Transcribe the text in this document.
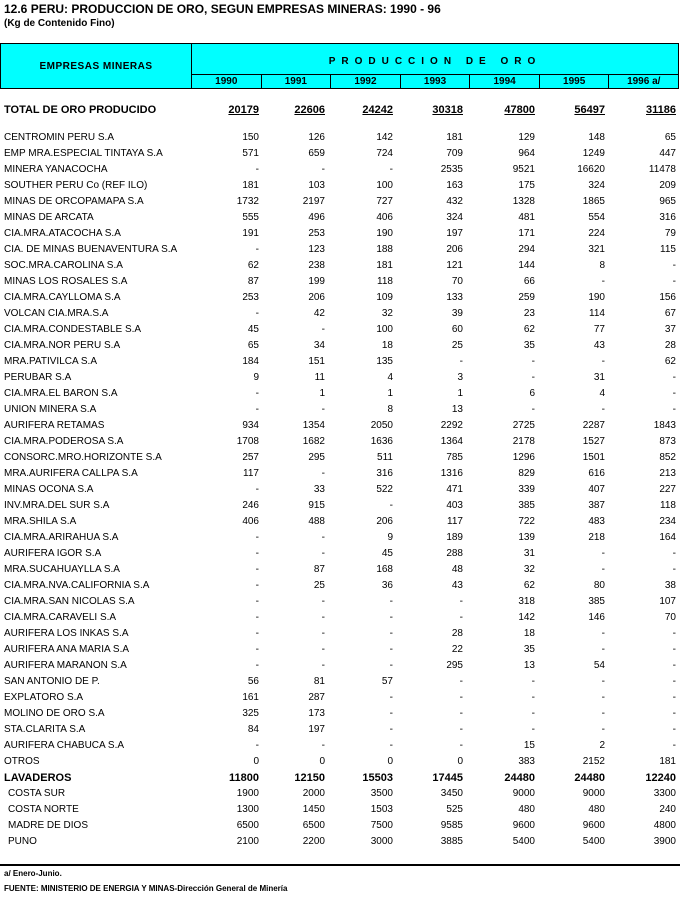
12.6 PERU: PRODUCCION DE ORO, SEGUN EMPRESAS MINERAS: 1990 - 96
(Kg de Contenido Fino)
EMPRESAS MINERAS	PRODUCCION DE ORO
1990	1991	1992	1993	1994	1995	1996 a/
TOTAL DE ORO PRODUCIDO	20179	22606	24242	30318	47800	56497	31186
CENTROMIN PERU S.A	150	126	142	181	129	148	65
EMP MRA.ESPECIAL TINTAYA S.A	571	659	724	709	964	1249	447
MINERA YANACOCHA	-	-	-	2535	9521	16620	11478
SOUTHER PERU Co (REF ILO)	181	103	100	163	175	324	209
MINAS DE ORCOPAMAPA S.A	1732	2197	727	432	1328	1865	965
MINAS DE ARCATA	555	496	406	324	481	554	316
CIA.MRA.ATACOCHA S.A	191	253	190	197	171	224	79
CIA. DE MINAS BUENAVENTURA S.A	-	123	188	206	294	321	115
SOC.MRA.CAROLINA S.A	62	238	181	121	144	8	-
MINAS LOS ROSALES S.A	87	199	118	70	66	-	-
CIA.MRA.CAYLLOMA S.A	253	206	109	133	259	190	156
VOLCAN CIA.MRA.S.A	-	42	32	39	23	114	67
CIA.MRA.CONDESTABLE S.A	45	-	100	60	62	77	37
CIA.MRA.NOR PERU S.A	65	34	18	25	35	43	28
MRA.PATIVILCA S.A	184	151	135	-	-	-	62
PERUBAR S.A	9	11	4	3	-	31	-
CIA.MRA.EL BARON S.A	-	1	1	1	6	4	-
UNION MINERA S.A	-	-	8	13	-	-	-
AURIFERA RETAMAS	934	1354	2050	2292	2725	2287	1843
CIA.MRA.PODEROSA S.A	1708	1682	1636	1364	2178	1527	873
CONSORC.MRO.HORIZONTE S.A	257	295	511	785	1296	1501	852
MRA.AURIFERA CALLPA S.A	117	-	316	1316	829	616	213
MINAS OCONA S.A	-	33	522	471	339	407	227
INV.MRA.DEL SUR S.A	246	915	-	403	385	387	118
MRA.SHILA S.A	406	488	206	117	722	483	234
CIA.MRA.ARIRAHUA S.A	-	-	9	189	139	218	164
AURIFERA IGOR S.A	-	-	45	288	31	-	-
MRA.SUCAHUAYLLA S.A	-	87	168	48	32	-	-
CIA.MRA.NVA.CALIFORNIA S.A	-	25	36	43	62	80	38
CIA.MRA.SAN NICOLAS S.A	-	-	-	-	318	385	107
CIA.MRA.CARAVELI S.A	-	-	-	-	142	146	70
AURIFERA LOS INKAS S.A	-	-	-	28	18	-	-
AURIFERA ANA MARIA S.A	-	-	-	22	35	-	-
AURIFERA MARANON S.A	-	-	-	295	13	54	-
SAN ANTONIO DE P.	56	81	57	-	-	-	-
EXPLATORO S.A	161	287	-	-	-	-	-
MOLINO DE ORO S.A	325	173	-	-	-	-	-
STA.CLARITA S.A	84	197	-	-	-	-	-
AURIFERA CHABUCA S.A	-	-	-	-	15	2	-
OTROS	0	0	0	0	383	2152	181
LAVADEROS	11800	12150	15503	17445	24480	24480	12240
COSTA SUR	1900	2000	3500	3450	9000	9000	3300
COSTA NORTE	1300	1450	1503	525	480	480	240
MADRE DE DIOS	6500	6500	7500	9585	9600	9600	4800
PUNO	2100	2200	3000	3885	5400	5400	3900
a/ Enero-Junio.
FUENTE: MINISTERIO DE ENERGIA Y MINAS-Dirección General de Minería
